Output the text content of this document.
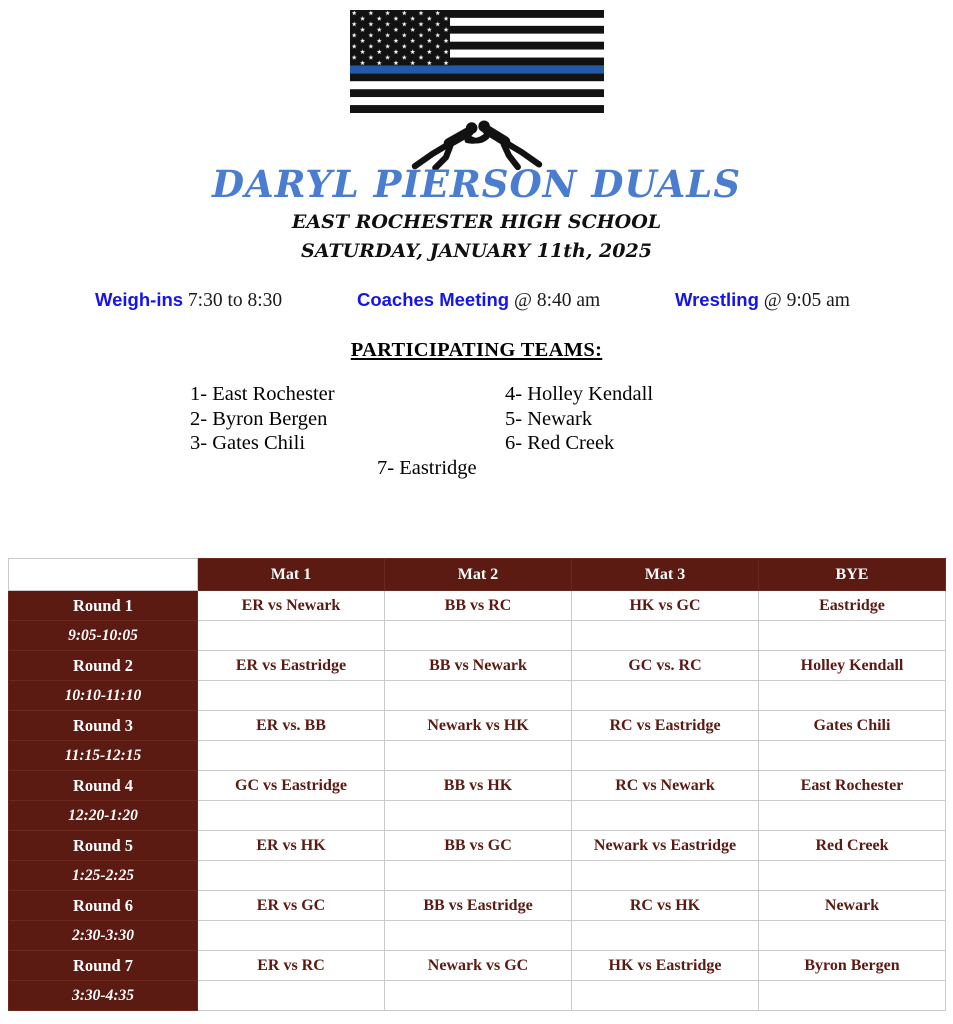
DARYL PIERSON DUALS
EAST ROCHESTER HIGH SCHOOL
SATURDAY, JANUARY 11th, 2025
Weigh-ins 7:30 to 8:30	Coaches Meeting @ 8:40 am	Wrestling @ 9:05 am
PARTICIPATING TEAMS:
1- East Rochester
2- Byron Bergen
3- Gates Chili
4- Holley Kendall
5- Newark
6- Red Creek
7- Eastridge
	Mat 1	Mat 2	Mat 3	BYE
Round 1	ER vs Newark	BB vs RC	HK vs GC	Eastridge
9:05-10:05				
Round 2	ER vs Eastridge	BB vs Newark	GC vs. RC	Holley Kendall
10:10-11:10				
Round 3	ER vs. BB	Newark vs HK	RC vs Eastridge	Gates Chili
11:15-12:15				
Round 4	GC vs Eastridge	BB vs HK	RC vs Newark	East Rochester
12:20-1:20				
Round 5	ER vs HK	BB vs GC	Newark vs Eastridge	Red Creek
1:25-2:25				
Round 6	ER vs GC	BB vs Eastridge	RC vs HK	Newark
2:30-3:30				
Round 7	ER vs RC	Newark vs GC	HK vs Eastridge	Byron Bergen
3:30-4:35				
